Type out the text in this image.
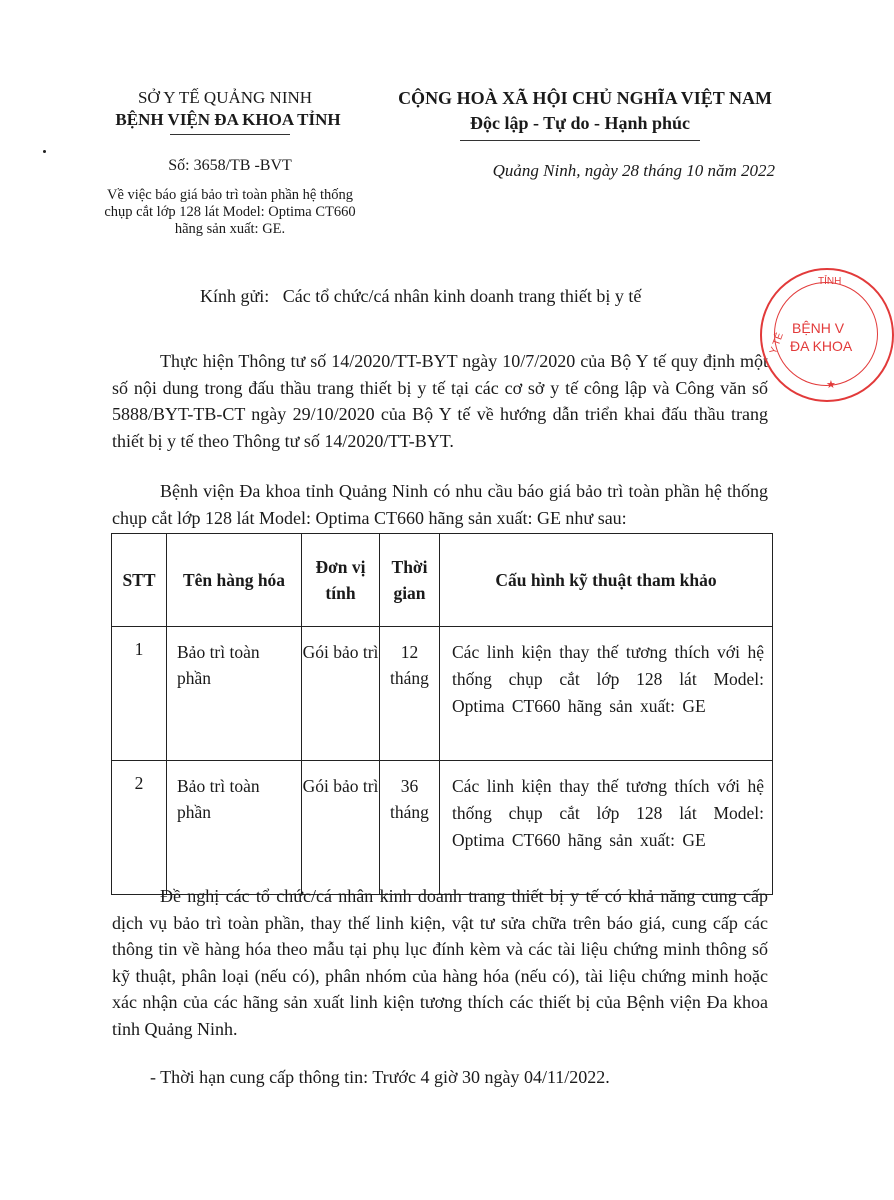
SỞ Y TẾ QUẢNG NINH
BỆNH VIỆN ĐA KHOA TỈNH
CỘNG HOÀ XÃ HỘI CHỦ NGHĨA VIỆT NAM
Độc lập - Tự do - Hạnh phúc
Số: 3658/TB -BVT	Quảng Ninh, ngày 28 tháng 10 năm 2022
Về việc báo giá bảo trì toàn phần hệ thống
chụp cắt lớp 128 lát Model: Optima CT660
hãng sản xuất: GE.
Kính gửi:   Các tổ chức/cá nhân kinh doanh trang thiết bị y tế
Thực hiện Thông tư số 14/2020/TT-BYT ngày 10/7/2020 của Bộ Y tế quy định một số nội dung trong đấu thầu trang thiết bị y tế tại các cơ sở y tế công lập và Công văn số 5888/BYT-TB-CT ngày 29/10/2020 của Bộ Y tế về hướng dẫn triển khai đấu thầu trang thiết bị y tế theo Thông tư số 14/2020/TT-BYT.
Bệnh viện Đa khoa tỉnh Quảng Ninh có nhu cầu báo giá bảo trì toàn phần hệ thống chụp cắt lớp 128 lát Model: Optima CT660 hãng sản xuất: GE như sau:
STT	Tên hàng hóa	Đơn vị tính	Thời gian	Cấu hình kỹ thuật tham khảo
1	Bảo trì toàn phần	Gói bảo trì	12 tháng	Các linh kiện thay thế tương thích với hệ thống chụp cắt lớp 128 lát Model: Optima CT660 hãng sản xuất: GE
2	Bảo trì toàn phần	Gói bảo trì	36 tháng	Các linh kiện thay thế tương thích với hệ thống chụp cắt lớp 128 lát Model: Optima CT660 hãng sản xuất: GE
Đề nghị các tổ chức/cá nhân kinh doanh trang thiết bị y tế có khả năng cung cấp dịch vụ bảo trì toàn phần, thay thế linh kiện, vật tư sửa chữa trên báo giá, cung cấp các thông tin về hàng hóa theo mẫu tại phụ lục đính kèm và các tài liệu chứng minh thông số kỹ thuật, phân loại (nếu có), phân nhóm của hàng hóa (nếu có), tài liệu chứng minh hoặc xác nhận của các hãng sản xuất linh kiện tương thích các thiết bị của Bệnh viện Đa khoa tỉnh Quảng Ninh.
- Thời hạn cung cấp thông tin: Trước 4 giờ 30 ngày 04/11/2022.
TỈNH
Y TẾ
BỆNH V
ĐA KHOA
★
